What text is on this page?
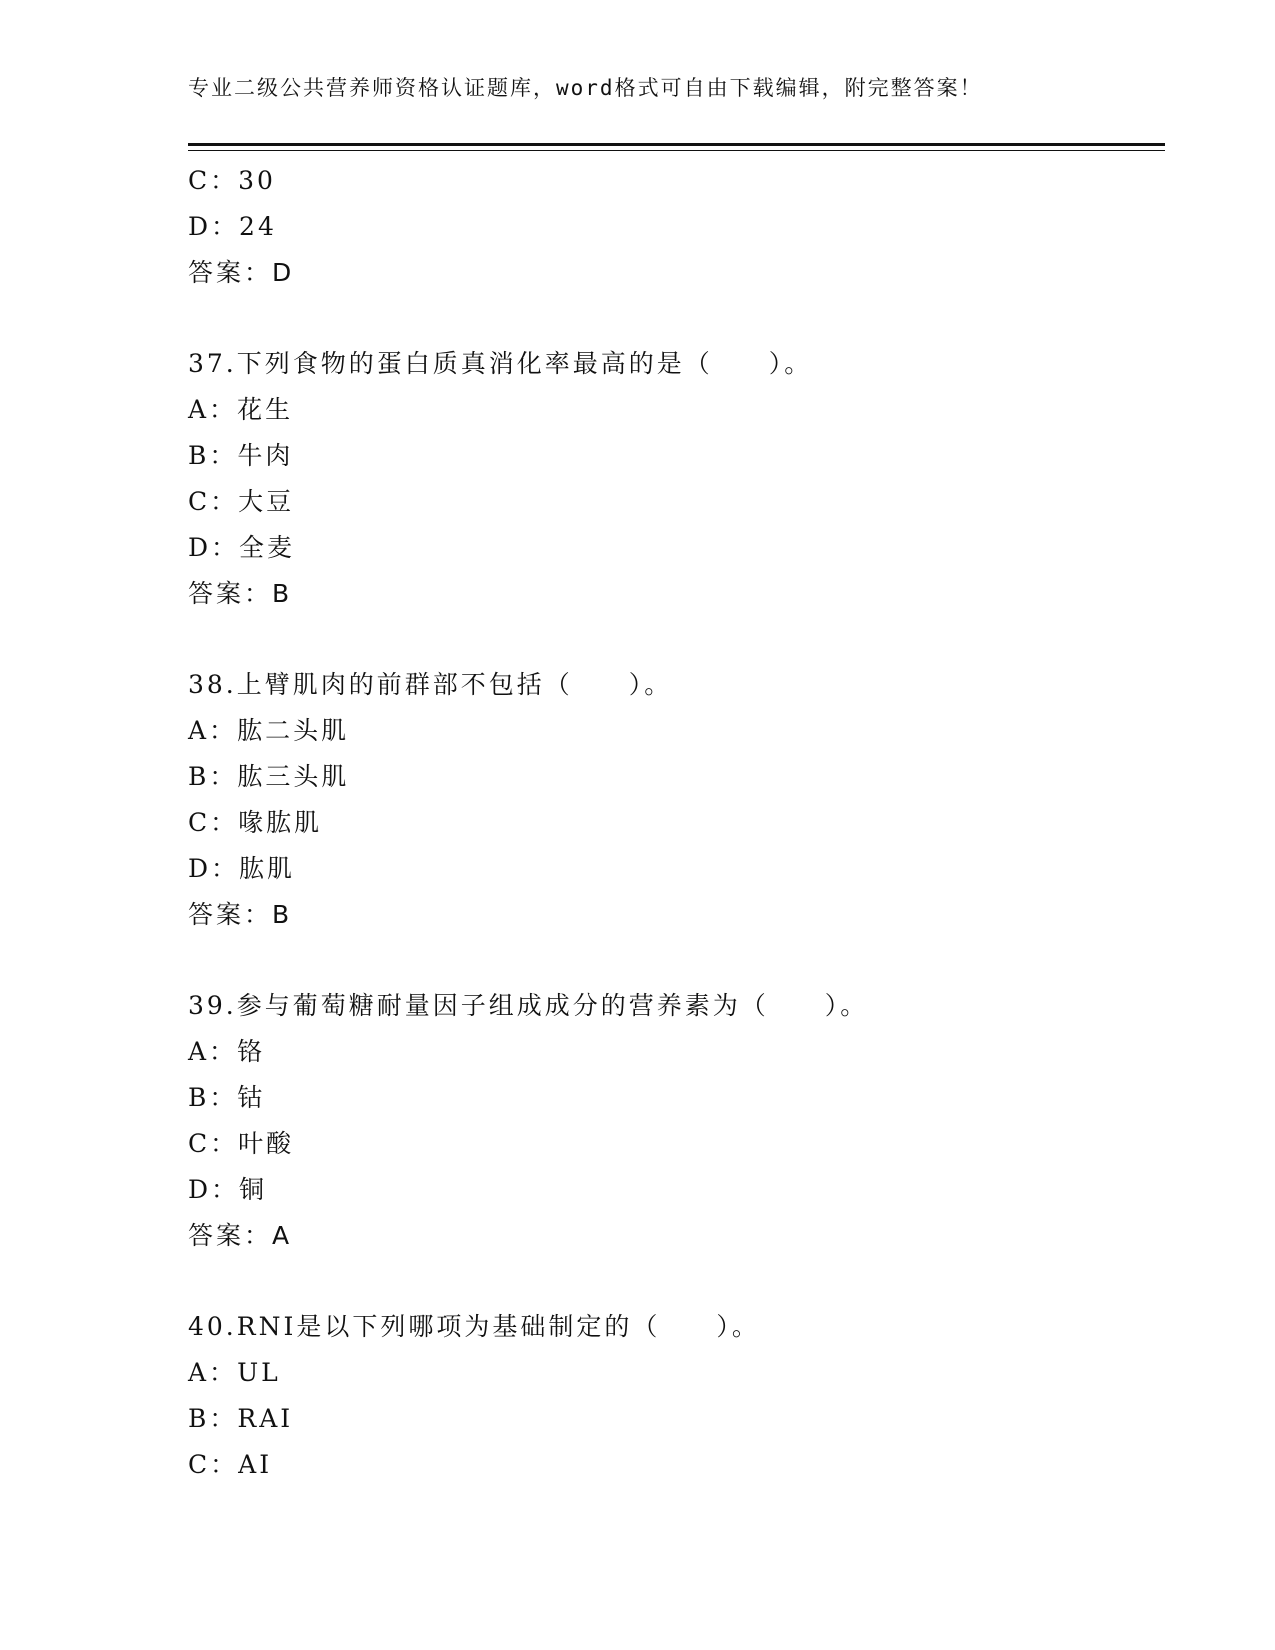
专业二级公共营养师资格认证题库，word格式可自由下载编辑，附完整答案！
C：30
D：24
答案：D
37.下列食物的蛋白质真消化率最高的是（　　）。
A：花生
B：牛肉
C：大豆
D：全麦
答案：B
38.上臂肌肉的前群部不包括（　　）。
A：肱二头肌
B：肱三头肌
C：喙肱肌
D：肱肌
答案：B
39.参与葡萄糖耐量因子组成成分的营养素为（　　）。
A：铬
B：钴
C：叶酸
D：铜
答案：A
40.RNI是以下列哪项为基础制定的（　　）。
A：UL
B：RAI
C：AI
